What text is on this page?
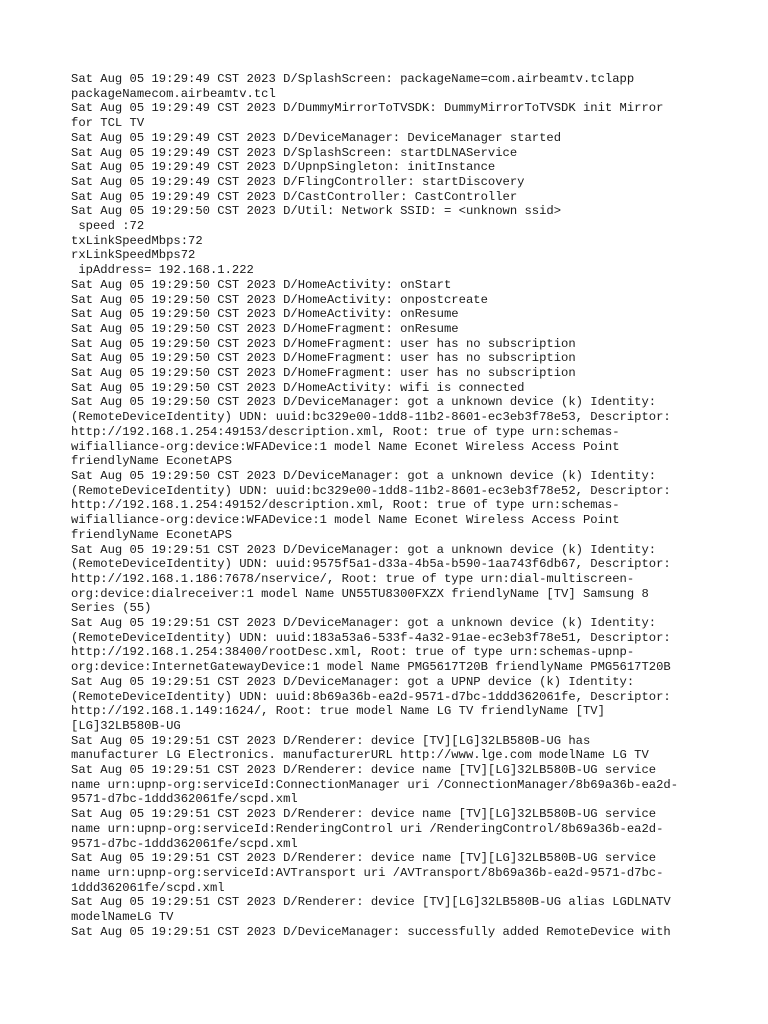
Sat Aug 05 19:29:49 CST 2023 D/SplashScreen: packageName=com.airbeamtv.tclapp
packageNamecom.airbeamtv.tcl
Sat Aug 05 19:29:49 CST 2023 D/DummyMirrorToTVSDK: DummyMirrorToTVSDK init Mirror
for TCL TV
Sat Aug 05 19:29:49 CST 2023 D/DeviceManager: DeviceManager started
Sat Aug 05 19:29:49 CST 2023 D/SplashScreen: startDLNAService
Sat Aug 05 19:29:49 CST 2023 D/UpnpSingleton: initInstance
Sat Aug 05 19:29:49 CST 2023 D/FlingController: startDiscovery
Sat Aug 05 19:29:49 CST 2023 D/CastController: CastController
Sat Aug 05 19:29:50 CST 2023 D/Util: Network SSID: = <unknown ssid>
speed :72
txLinkSpeedMbps:72
rxLinkSpeedMbps72
ipAddress= 192.168.1.222
Sat Aug 05 19:29:50 CST 2023 D/HomeActivity: onStart
Sat Aug 05 19:29:50 CST 2023 D/HomeActivity: onpostcreate
Sat Aug 05 19:29:50 CST 2023 D/HomeActivity: onResume
Sat Aug 05 19:29:50 CST 2023 D/HomeFragment: onResume
Sat Aug 05 19:29:50 CST 2023 D/HomeFragment: user has no subscription
Sat Aug 05 19:29:50 CST 2023 D/HomeFragment: user has no subscription
Sat Aug 05 19:29:50 CST 2023 D/HomeFragment: user has no subscription
Sat Aug 05 19:29:50 CST 2023 D/HomeActivity: wifi is connected
Sat Aug 05 19:29:50 CST 2023 D/DeviceManager: got a unknown device (k) Identity:
(RemoteDeviceIdentity) UDN: uuid:bc329e00-1dd8-11b2-8601-ec3eb3f78e53, Descriptor:
http://192.168.1.254:49153/description.xml, Root: true of type urn:schemas-
wifialliance-org:device:WFADevice:1 model Name Econet Wireless Access Point
friendlyName EconetAPS
Sat Aug 05 19:29:50 CST 2023 D/DeviceManager: got a unknown device (k) Identity:
(RemoteDeviceIdentity) UDN: uuid:bc329e00-1dd8-11b2-8601-ec3eb3f78e52, Descriptor:
http://192.168.1.254:49152/description.xml, Root: true of type urn:schemas-
wifialliance-org:device:WFADevice:1 model Name Econet Wireless Access Point
friendlyName EconetAPS
Sat Aug 05 19:29:51 CST 2023 D/DeviceManager: got a unknown device (k) Identity:
(RemoteDeviceIdentity) UDN: uuid:9575f5a1-d33a-4b5a-b590-1aa743f6db67, Descriptor:
http://192.168.1.186:7678/nservice/, Root: true of type urn:dial-multiscreen-
org:device:dialreceiver:1 model Name UN55TU8300FXZX friendlyName [TV] Samsung 8
Series (55)
Sat Aug 05 19:29:51 CST 2023 D/DeviceManager: got a unknown device (k) Identity:
(RemoteDeviceIdentity) UDN: uuid:183a53a6-533f-4a32-91ae-ec3eb3f78e51, Descriptor:
http://192.168.1.254:38400/rootDesc.xml, Root: true of type urn:schemas-upnp-
org:device:InternetGatewayDevice:1 model Name PMG5617T20B friendlyName PMG5617T20B
Sat Aug 05 19:29:51 CST 2023 D/DeviceManager: got a UPNP device (k) Identity:
(RemoteDeviceIdentity) UDN: uuid:8b69a36b-ea2d-9571-d7bc-1ddd362061fe, Descriptor:
http://192.168.1.149:1624/, Root: true model Name LG TV friendlyName [TV]
[LG]32LB580B-UG
Sat Aug 05 19:29:51 CST 2023 D/Renderer: device [TV][LG]32LB580B-UG has
manufacturer LG Electronics. manufacturerURL http://www.lge.com modelName LG TV
Sat Aug 05 19:29:51 CST 2023 D/Renderer: device name [TV][LG]32LB580B-UG service
name urn:upnp-org:serviceId:ConnectionManager uri /ConnectionManager/8b69a36b-ea2d-
9571-d7bc-1ddd362061fe/scpd.xml
Sat Aug 05 19:29:51 CST 2023 D/Renderer: device name [TV][LG]32LB580B-UG service
name urn:upnp-org:serviceId:RenderingControl uri /RenderingControl/8b69a36b-ea2d-
9571-d7bc-1ddd362061fe/scpd.xml
Sat Aug 05 19:29:51 CST 2023 D/Renderer: device name [TV][LG]32LB580B-UG service
name urn:upnp-org:serviceId:AVTransport uri /AVTransport/8b69a36b-ea2d-9571-d7bc-
1ddd362061fe/scpd.xml
Sat Aug 05 19:29:51 CST 2023 D/Renderer: device [TV][LG]32LB580B-UG alias LGDLNATV
modelNameLG TV
Sat Aug 05 19:29:51 CST 2023 D/DeviceManager: successfully added RemoteDevice with
